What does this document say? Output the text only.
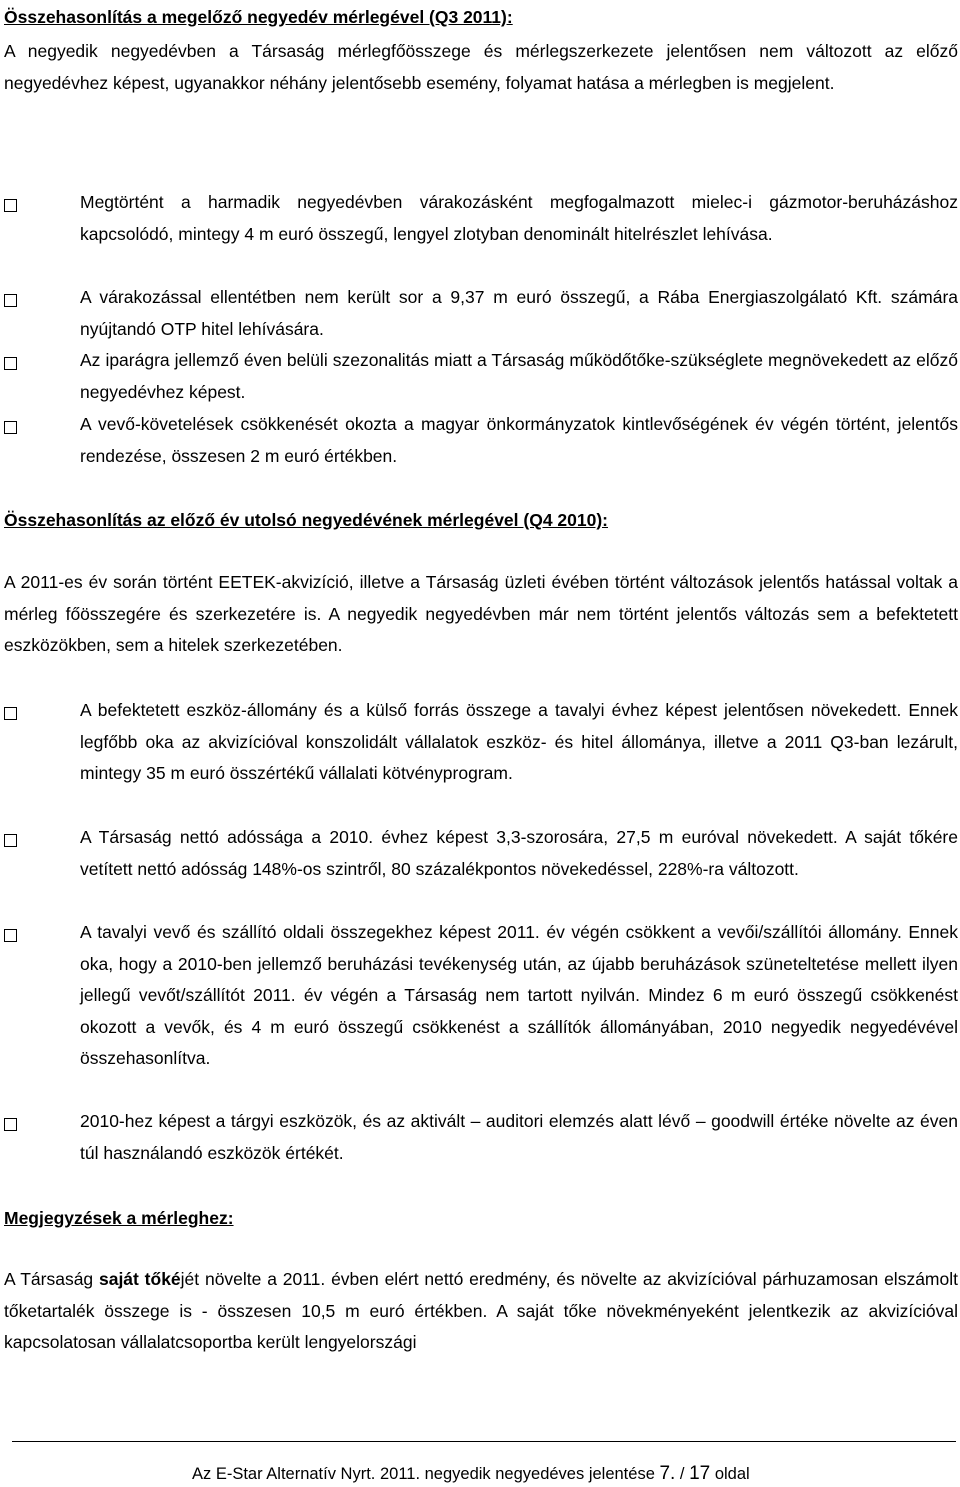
Összehasonlítás a megelőző negyedév mérlegével (Q3 2011):
A negyedik negyedévben a Társaság mérlegfőösszege és mérlegszerkezete jelentősen nem változott az előző negyedévhez képest, ugyanakkor néhány jelentősebb esemény, folyamat hatása a mérlegben is megjelent.
Megtörtént a harmadik negyedévben várakozásként megfogalmazott mielec-i gázmotor-beruházáshoz kapcsolódó, mintegy 4 m euró összegű, lengyel zlotyban denominált hitelrészlet lehívása.
A várakozással ellentétben nem került sor a 9,37 m euró összegű, a Rába Energiaszolgálató Kft. számára nyújtandó OTP hitel lehívására.
Az iparágra jellemző éven belüli szezonalitás miatt a Társaság működőtőke-szükséglete megnövekedett az előző negyedévhez képest.
A vevő-követelések csökkenését okozta a magyar önkormányzatok kintlevőségének év végén történt, jelentős rendezése, összesen 2 m euró értékben.
Összehasonlítás az előző év utolsó negyedévének mérlegével (Q4 2010):
A 2011-es év során történt EETEK-akvizíció, illetve a Társaság üzleti évében történt változások jelentős hatással voltak a mérleg főösszegére és szerkezetére is. A negyedik negyedévben már nem történt jelentős változás sem a befektetett eszközökben, sem a hitelek szerkezetében.
A befektetett eszköz-állomány és a külső forrás összege a tavalyi évhez képest jelentősen növekedett. Ennek legfőbb oka az akvizícióval konszolidált vállalatok eszköz- és hitel állománya, illetve a 2011 Q3-ban lezárult, mintegy 35 m euró összértékű vállalati kötvényprogram.
A Társaság nettó adóssága a 2010. évhez képest 3,3-szorosára, 27,5 m euróval növekedett. A saját tőkére vetített nettó adósság 148%-os szintről, 80 százalékpontos növekedéssel, 228%-ra változott.
A tavalyi vevő és szállító oldali összegekhez képest 2011. év végén csökkent a vevői/szállítói állomány. Ennek oka, hogy a 2010-ben jellemző beruházási tevékenység után, az újabb beruházások szüneteltetése mellett ilyen jellegű vevőt/szállítót 2011. év végén a Társaság nem tartott nyilván. Mindez 6 m euró összegű csökkenést okozott a vevők, és 4 m euró összegű csökkenést a szállítók állományában, 2010 negyedik negyedévével összehasonlítva.
2010-hez képest a tárgyi eszközök, és az aktivált – auditori elemzés alatt lévő – goodwill értéke növelte az éven túl használandó eszközök értékét.
Megjegyzések a mérleghez:
A Társaság saját tőkéjét növelte a 2011. évben elért nettó eredmény, és növelte az akvizícióval párhuzamosan elszámolt tőketartalék összege is - összesen 10,5 m euró értékben. A saját tőke növekményeként jelentkezik az akvizícióval kapcsolatosan vállalatcsoportba került lengyelországi
Az E-Star Alternatív Nyrt. 2011. negyedik negyedéves jelentése 7. / 17 oldal
